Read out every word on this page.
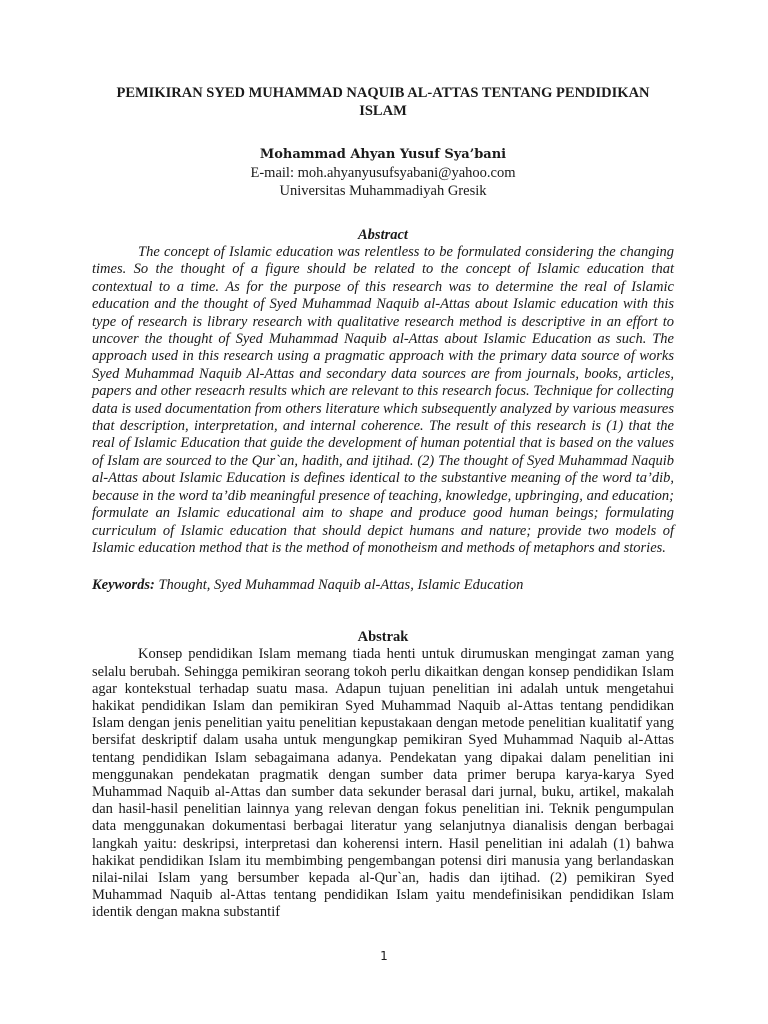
PEMIKIRAN SYED MUHAMMAD NAQUIB AL-ATTAS TENTANG PENDIDIKAN ISLAM
Mohammad Ahyan Yusuf Sya’bani
E-mail: moh.ahyanyusufsyabani@yahoo.com
Universitas Muhammadiyah Gresik
Abstract

The concept of Islamic education was relentless to be formulated considering the changing times. So the thought of a figure should be related to the concept of Islamic education that contextual to a time. As for the purpose of this research was to determine the real of Islamic education and the thought of Syed Muhammad Naquib al-Attas about Islamic education with this type of research is library research with qualitative research method is descriptive in an effort to uncover the thought of Syed Muhammad Naquib al-Attas about Islamic Education as such. The approach used in this research using a pragmatic approach with the primary data source of works Syed Muhammad Naquib Al-Attas and secondary data sources are from journals, books, articles, papers and other reseacrh results which are relevant to this research focus. Technique for collecting data is used documentation from others literature which subsequently analyzed by various measures that description, interpretation, and internal coherence. The result of this research is (1) that the real of Islamic Education that guide the development of human potential that is based on the values of Islam are sourced to the Qur`an, hadith, and ijtihad. (2) The thought of Syed Muhammad Naquib al-Attas about Islamic Education is defines identical to the substantive meaning of the word ta’dib, because in the word ta’dib meaningful presence of teaching, knowledge, upbringing, and education; formulate an Islamic educational aim to shape and produce good human beings; formulating curriculum of Islamic education that should depict humans and nature; provide two models of Islamic education method that is the method of monotheism and methods of metaphors and stories.

Keywords: Thought, Syed Muhammad Naquib al-Attas, Islamic Education
Abstrak

Konsep pendidikan Islam memang tiada henti untuk dirumuskan mengingat zaman yang selalu berubah. Sehingga pemikiran seorang tokoh perlu dikaitkan dengan konsep pendidikan Islam agar kontekstual terhadap suatu masa. Adapun tujuan penelitian ini adalah untuk mengetahui hakikat pendidikan Islam dan pemikiran Syed Muhammad Naquib al-Attas tentang pendidikan Islam dengan jenis penelitian yaitu penelitian kepustakaan dengan metode penelitian kualitatif yang bersifat deskriptif dalam usaha untuk mengungkap pemikiran Syed Muhammad Naquib al-Attas tentang pendidikan Islam sebagaimana adanya. Pendekatan yang dipakai dalam penelitian ini menggunakan pendekatan pragmatik dengan sumber data primer berupa karya-karya Syed Muhammad Naquib al-Attas dan sumber data sekunder berasal dari jurnal, buku, artikel, makalah dan hasil-hasil penelitian lainnya yang relevan dengan fokus penelitian ini. Teknik pengumpulan data menggunakan dokumentasi berbagai literatur yang selanjutnya dianalisis dengan berbagai langkah yaitu: deskripsi, interpretasi dan koherensi intern. Hasil penelitian ini adalah (1) bahwa hakikat pendidikan Islam itu membimbing pengembangan potensi diri manusia yang berlandaskan nilai-nilai Islam yang bersumber kepada al-Qur`an, hadis dan ijtihad. (2) pemikiran Syed Muhammad Naquib al-Attas tentang pendidikan Islam yaitu mendefinisikan pendidikan Islam identik dengan makna substantif

1
